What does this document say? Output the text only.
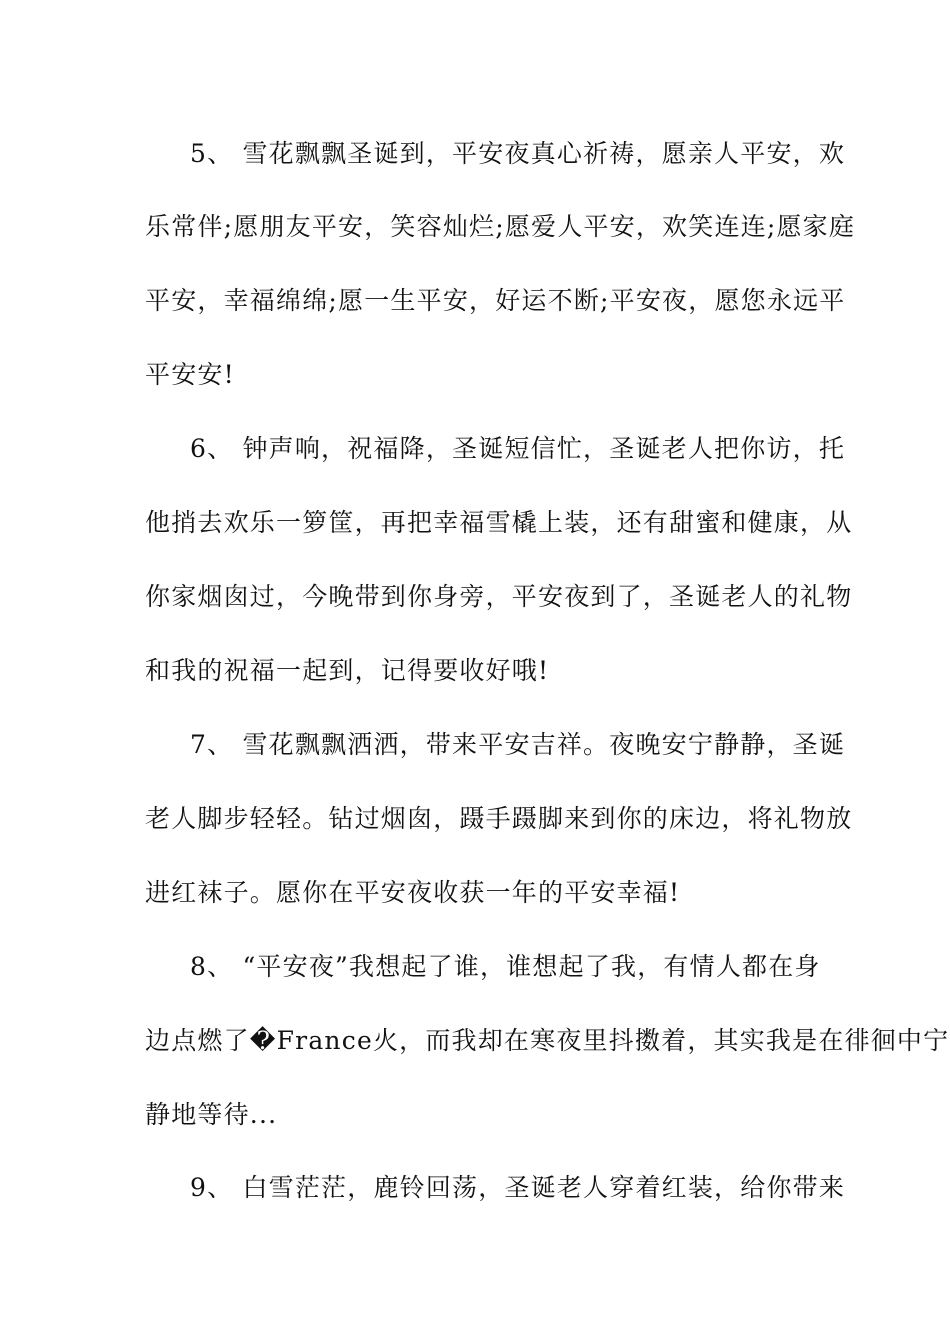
5、 雪花飘飘圣诞到，平安夜真心祈祷，愿亲人平安，欢
乐常伴;愿朋友平安，笑容灿烂;愿爱人平安，欢笑连连;愿家庭
平安，幸福绵绵;愿一生平安，好运不断;平安夜，愿您永远平
平安安!
6、 钟声响，祝福降，圣诞短信忙，圣诞老人把你访，托
他捎去欢乐一箩筐，再把幸福雪橇上装，还有甜蜜和健康，从
你家烟囱过，今晚带到你身旁，平安夜到了，圣诞老人的礼物
和我的祝福一起到，记得要收好哦!
7、 雪花飘飘洒洒，带来平安吉祥。夜晚安宁静静，圣诞
老人脚步轻轻。钻过烟囱，蹑手蹑脚来到你的床边，将礼物放
进红袜子。愿你在平安夜收获一年的平安幸福!
8、 “平安夜”我想起了谁，谁想起了我，有情人都在身
边点燃了�France火，而我却在寒夜里抖擞着，其实我是在徘徊中宁
静地等待...
9、 白雪茫茫，鹿铃回荡，圣诞老人穿着红装，给你带来
